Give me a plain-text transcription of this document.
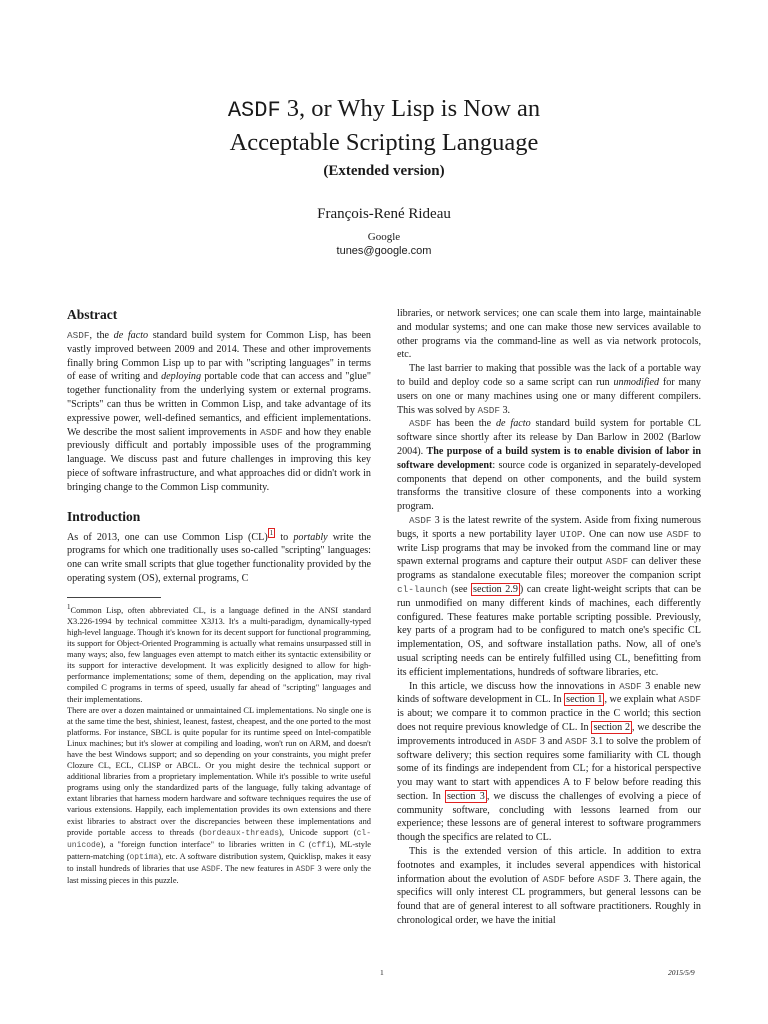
ASDF 3, or Why Lisp is Now an
Acceptable Scripting Language
(Extended version)
François-René Rideau
Google
tunes@google.com
Abstract

ASDF, the de facto standard build system for Common Lisp, has been vastly improved between 2009 and 2014. These and other improvements finally bring Common Lisp up to par with "scripting languages" in terms of ease of writing and deploying portable code that can access and "glue" together functionality from the underlying system or external programs. "Scripts" can thus be written in Common Lisp, and take advantage of its expressive power, well-defined semantics, and efficient implementations. We describe the most salient improvements in ASDF and how they enable previously difficult and portably impossible uses of the programming language. We discuss past and future challenges in improving this key piece of software infrastructure, and what approaches did or didn't work in bringing change to the Common Lisp community.

Introduction

As of 2013, one can use Common Lisp (CL) $^1$ to portably write the programs for which one traditionally uses so-called "scripting" languages: one can write small scripts that glue together functionality provided by the operating system (OS), external programs, C

$^1$Common Lisp, often abbreviated CL, is a language defined in the ANSI standard X3.226-1994 by technical committee X3J13. It's a multi-paradigm, dynamically-typed high-level language. Though it's known for its decent support for functional programming, its support for Object-Oriented Programming is actually what remains unsurpassed still in many ways; also, few languages even attempt to match either its syntactic extensibility or its support for interactive development. It was explicitly designed to allow for high-performance implementations; some of them, depending on the application, may rival compiled C programs in terms of speed, usually far ahead of "scripting" languages and their implementations.

There are over a dozen maintained or unmaintained CL implementations. No single one is at the same time the best, shiniest, leanest, fastest, cheapest, and the one ported to the most platforms. For instance, SBCL is quite popular for its runtime speed on Intel-compatible Linux machines; but it's slower at compiling and loading, won't run on ARM, and doesn't have the best Windows support; and so depending on your constraints, you might prefer Clozure CL, ECL, CLISP or ABCL. Or you might desire the technical support or additional libraries from a proprietary implementation. While it's possible to write useful programs using only the standardized parts of the language, fully taking advantage of extant libraries that harness modern hardware and software techniques requires the use of various extensions. Happily, each implementation provides its own extensions and there exist libraries to abstract over the discrepancies between these implementations and provide portable access to threads (bordeaux-threads), Unicode support (cl-unicode), a "foreign function interface" to libraries written in C (cffi), ML-style pattern-matching (optima), etc. A software distribution system, Quicklisp, makes it easy to install hundreds of libraries that use ASDF. The new features in ASDF 3 were only the last missing pieces in this puzzle.

libraries, or network services; one can scale them into large, maintainable and modular systems; and one can make those new services available to other programs via the command-line as well as via network protocols, etc.

The last barrier to making that possible was the lack of a portable way to build and deploy code so a same script can run unmodified for many users on one or many machines using one or many different compilers. This was solved by ASDF 3.

ASDF has been the de facto standard build system for portable CL software since shortly after its release by Dan Barlow in 2002 (Barlow 2004). The purpose of a build system is to enable division of labor in software development: source code is organized in separately-developed components that depend on other components, and the build system transforms the transitive closure of these components into a working program.

ASDF 3 is the latest rewrite of the system. Aside from fixing numerous bugs, it sports a new portability layer UIOP. One can now use ASDF to write Lisp programs that may be invoked from the command line or may spawn external programs and capture their output ASDF can deliver these programs as standalone executable files; moreover the companion script cl-launch (see section 2.9 ) can create light-weight scripts that can be run unmodified on many different kinds of machines, each differently configured. These features make portable scripting possible. Previously, key parts of a program had to be configured to match one's specific CL implementation, OS, and software installation paths. Now, all of one's usual scripting needs can be entirely fulfilled using CL, benefitting from its efficient implementations, hundreds of software libraries, etc.

In this article, we discuss how the innovations in ASDF 3 enable new kinds of software development in CL. In section 1 , we explain what ASDF is about; we compare it to common practice in the C world; this section does not require previous knowledge of CL. In section 2 , we describe the improvements introduced in ASDF 3 and ASDF 3.1 to solve the problem of software delivery; this section requires some familiarity with CL though some of its findings are independent from CL; for a historical perspective you may want to start with appendices A to F below before reading this section. In section 3 , we discuss the challenges of evolving a piece of community software, concluding with lessons learned from our experience; these lessons are of general interest to software programmers though the specifics are related to CL.

This is the extended version of this article. In addition to extra footnotes and examples, it includes several appendices with historical information about the evolution of ASDF before ASDF 3. There again, the specifics will only interest CL programmers, but general lessons can be found that are of general interest to all software practitioners. Roughly in chronological order, we have the initial

1	2015/5/9
